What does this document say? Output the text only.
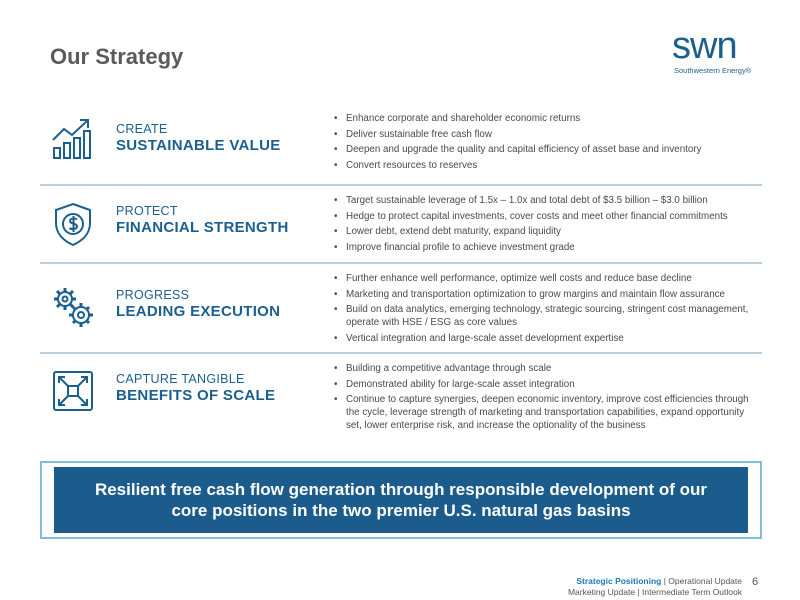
Our Strategy	swn
Southwestern Energy®
CREATE
SUSTAINABLE VALUE
• Enhance corporate and shareholder economic returns
• Deliver sustainable free cash flow
• Deepen and upgrade the quality and capital efficiency of asset base and inventory
• Convert resources to reserves
PROTECT
FINANCIAL STRENGTH
• Target sustainable leverage of 1.5x – 1.0x and total debt of $3.5 billion – $3.0 billion
• Hedge to protect capital investments, cover costs and meet other financial commitments
• Lower debt, extend debt maturity, expand liquidity
• Improve financial profile to achieve investment grade
PROGRESS
LEADING EXECUTION
• Further enhance well performance, optimize well costs and reduce base decline
• Marketing and transportation optimization to grow margins and maintain flow assurance
• Build on data analytics, emerging technology, strategic sourcing, stringent cost management, operate with HSE / ESG as core values
• Vertical integration and large-scale asset development expertise
CAPTURE TANGIBLE
BENEFITS OF SCALE
• Building a competitive advantage through scale
• Demonstrated ability for large-scale asset integration
• Continue to capture synergies, deepen economic inventory, improve cost efficiencies through the cycle, leverage strength of marketing and transportation capabilities, expand opportunity set, lower enterprise risk, and increase the optionality of the business
Resilient free cash flow generation through responsible development of our
core positions in the two premier U.S. natural gas basins
Strategic Positioning | Operational Update
Marketing Update | Intermediate Term Outlook
6
